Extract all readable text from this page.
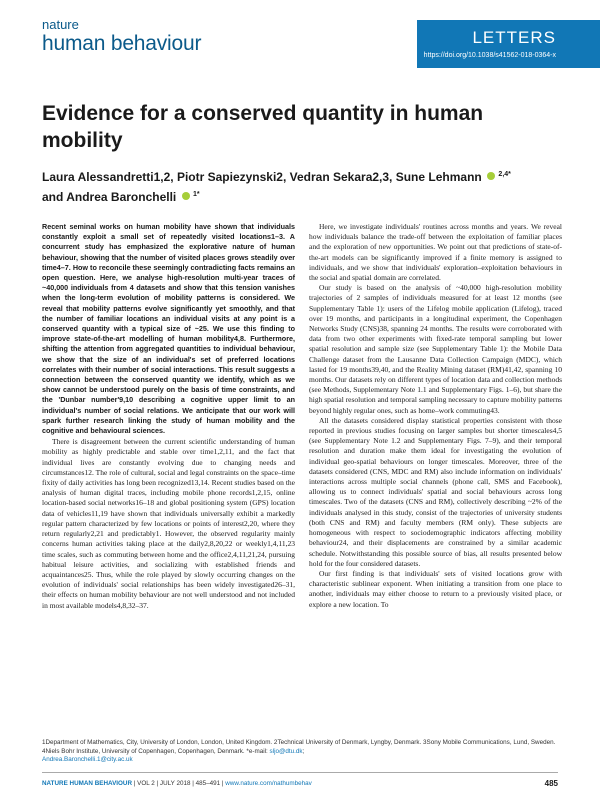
nature
human behaviour	LETTERS
https://doi.org/10.1038/s41562-018-0364-x
Evidence for a conserved quantity in human mobility
Laura Alessandretti1,2, Piotr Sapiezynski2, Vedran Sekara2,3, Sune Lehmann $^{2,4*}$
and Andrea Baronchelli $^{1*}$

Recent seminal works on human mobility have shown that individuals constantly exploit a small set of repeatedly visited locations1–3. A concurrent study has emphasized the explorative nature of human behaviour, showing that the number of visited places grows steadily over time4–7. How to reconcile these seemingly contradicting facts remains an open question. Here, we analyse high-resolution multi-year traces of ~40,000 individuals from 4 datasets and show that this tension vanishes when the long-term evolution of mobility patterns is considered. We reveal that mobility patterns evolve significantly yet smoothly, and that the number of familiar locations an individual visits at any point is a conserved quantity with a typical size of ~25. We use this finding to improve state-of-the-art modelling of human mobility4,8. Furthermore, shifting the attention from aggregated quantities to individual behaviour, we show that the size of an individual's set of preferred locations correlates with their number of social interactions. This result suggests a connection between the conserved quantity we identify, which as we show cannot be understood purely on the basis of time constraints, and the 'Dunbar number'9,10 describing a cognitive upper limit to an individual's number of social relations. We anticipate that our work will spark further research linking the study of human mobility and the cognitive and behavioural sciences.

There is disagreement between the current scientific understanding of human mobility as highly predictable and stable over time1,2,11, and the fact that individual lives are constantly evolving due to changing needs and circumstances12. The role of cultural, social and legal constraints on the space–time fixity of daily activities has long been recognized13,14. Recent studies based on the analysis of human digital traces, including mobile phone records1,2,15, online location-based social networks16–18 and global positioning system (GPS) location data of vehicles11,19 have shown that individuals universally exhibit a markedly regular pattern characterized by few locations or points of interest2,20, where they return regularly2,21 and predictably1. However, the observed regularity mainly concerns human activities taking place at the daily2,8,20,22 or weekly1,4,11,23 time scales, such as commuting between home and the office2,4,11,21,24, pursuing habitual leisure activities, and socializing with established friends and acquaintances25. Thus, while the role played by slowly occurring changes on the evolution of individuals' social relationships has been widely investigated26–31, their effects on human mobility behaviour are not well understood and not included in most available models4,8,32–37.

Here, we investigate individuals' routines across months and years. We reveal how individuals balance the trade-off between the exploitation of familiar places and the exploration of new opportunities. We point out that predictions of state-of-the-art models can be significantly improved if a finite memory is assigned to individuals, and we show that individuals' exploration–exploitation behaviours in the social and spatial domain are correlated.

Our study is based on the analysis of ~40,000 high-resolution mobility trajectories of 2 samples of individuals measured for at least 12 months (see Supplementary Table 1): users of the Lifelog mobile application (Lifelog), traced over 19 months, and participants in a longitudinal experiment, the Copenhagen Networks Study (CNS)38, spanning 24 months. The results were corroborated with data from two other experiments with fixed-rate temporal sampling but lower spatial resolution and sample size (see Supplementary Table 1): the Mobile Data Challenge dataset from the Lausanne Data Collection Campaign (MDC), which lasted for 19 months39,40, and the Reality Mining dataset (RM)41,42, spanning 10 months. Our datasets rely on different types of location data and collection methods (see Methods, Supplementary Note 1.1 and Supplementary Figs. 1–6), but share the high spatial resolution and temporal sampling necessary to capture mobility patterns beyond highly regular ones, such as home–work commuting43.

All the datasets considered display statistical properties consistent with those reported in previous studies focusing on larger samples but shorter timescales4,5 (see Supplementary Note 1.2 and Supplementary Figs. 7–9), and their temporal resolution and duration make them ideal for investigating the evolution of individual geo-spatial behaviours on longer timescales. Moreover, three of the datasets considered (CNS, MDC and RM) also include information on individuals' interactions across multiple social channels (phone call, SMS and Facebook), allowing us to connect individuals' spatial and social behaviours across long timescales. Two of the datasets (CNS and RM), collectively describing ~2% of the individuals analysed in this study, consist of the trajectories of university students (both CNS and RM) and faculty members (RM only). These subjects are homogeneous with respect to sociodemographic indicators affecting mobility behaviour24, and their displacements are constrained by a similar academic schedule. Notwithstanding this possible source of bias, all results presented below hold for the four considered datasets.

Our first finding is that individuals' sets of visited locations grow with characteristic sublinear exponent. When initiating a transition from one place to another, individuals may either choose to return to a previously visited place, or explore a new location. To

1Department of Mathematics, City, University of London, London, United Kingdom. 2Technical University of Denmark, Lyngby, Denmark. 3Sony Mobile Communications, Lund, Sweden. 4Niels Bohr Institute, University of Copenhagen, Copenhagen, Denmark. *e-mail: sljo@dtu.dk;
Andrea.Baronchelli.1@city.ac.uk
NATURE HUMAN BEHAVIOUR | VOL 2 | JULY 2018 | 485–491 | www.nature.com/nathumbehav	485
